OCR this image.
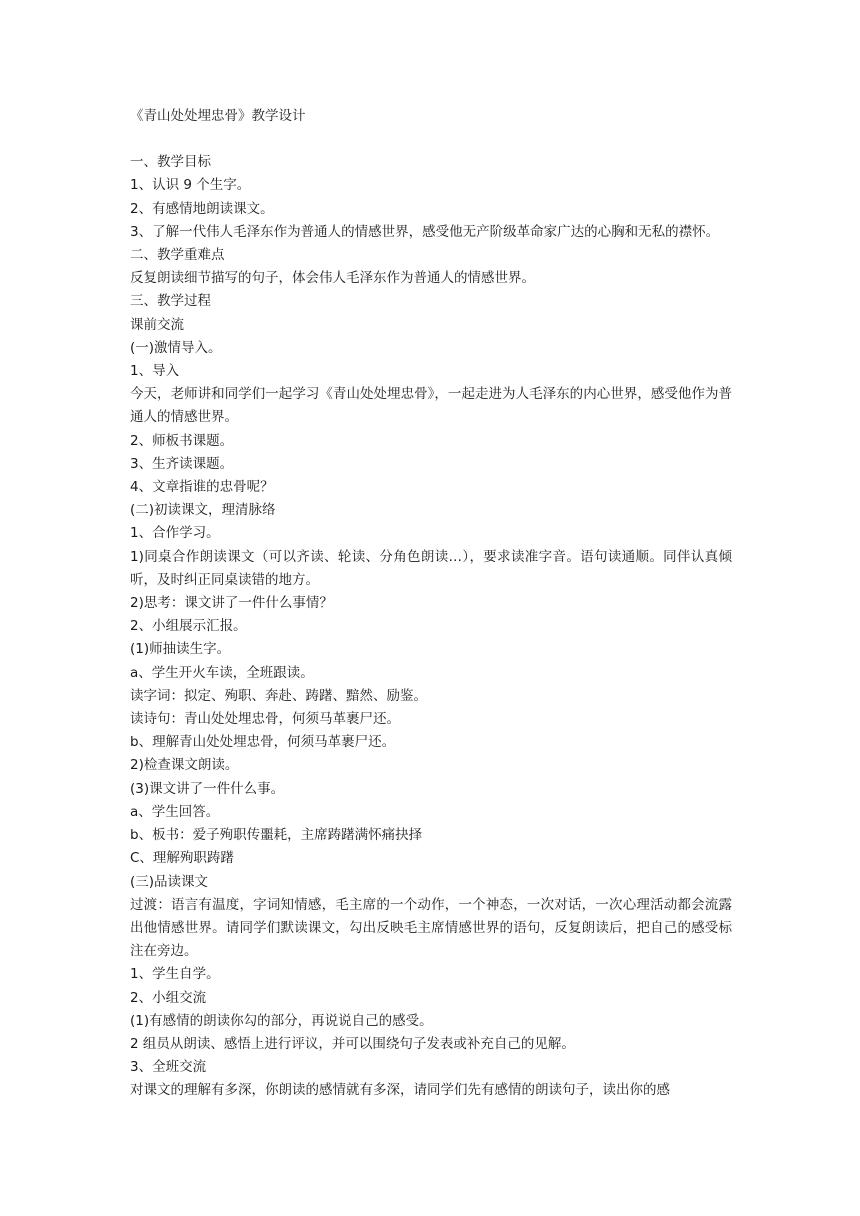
《青山处处埋忠骨》教学设计

一、教学目标

1、认识 9 个生字。

2、有感情地朗读课文。

3、了解一代伟人毛泽东作为普通人的情感世界，感受他无产阶级革命家广达的心胸和无私的襟怀。

二、教学重难点

反复朗读细节描写的句子，体会伟人毛泽东作为普通人的情感世界。

三、教学过程

课前交流

(一)激情导入。

1、导入

今天，老师讲和同学们一起学习《青山处处埋忠骨》，一起走进为人毛泽东的内心世界，感受他作为普通人的情感世界。

2、师板书课题。

3、生齐读课题。

4、文章指谁的忠骨呢？

(二)初读课文，理清脉络

1、合作学习。

1)同桌合作朗读课文（可以齐读、轮读、分角色朗读…），要求读准字音。语句读通顺。同伴认真倾听，及时纠正同桌读错的地方。

2)思考：课文讲了一件什么事情？

2、小组展示汇报。

(1)师抽读生字。

a、学生开火车读，全班跟读。

读字词：拟定、殉职、奔赴、踌躇、黯然、励鉴。

读诗句：青山处处埋忠骨，何须马革裹尸还。

b、理解青山处处埋忠骨，何须马革裹尸还。

2)检查课文朗读。

(3)课文讲了一件什么事。

a、学生回答。

b、板书：爱子殉职传噩耗，主席踌躇满怀痛抉择

C、理解殉职踌躇

(三)品读课文

过渡：语言有温度，字词知情感，毛主席的一个动作，一个神态，一次对话，一次心理活动都会流露出他情感世界。请同学们默读课文，勾出反映毛主席情感世界的语句，反复朗读后，把自己的感受标注在旁边。

1、学生自学。

2、小组交流

(1)有感情的朗读你勾的部分，再说说自己的感受。

2 组员从朗读、感悟上进行评议，并可以围绕句子发表或补充自己的见解。

3、全班交流

对课文的理解有多深，你朗读的感情就有多深，请同学们先有感情的朗读句子，读出你的感
